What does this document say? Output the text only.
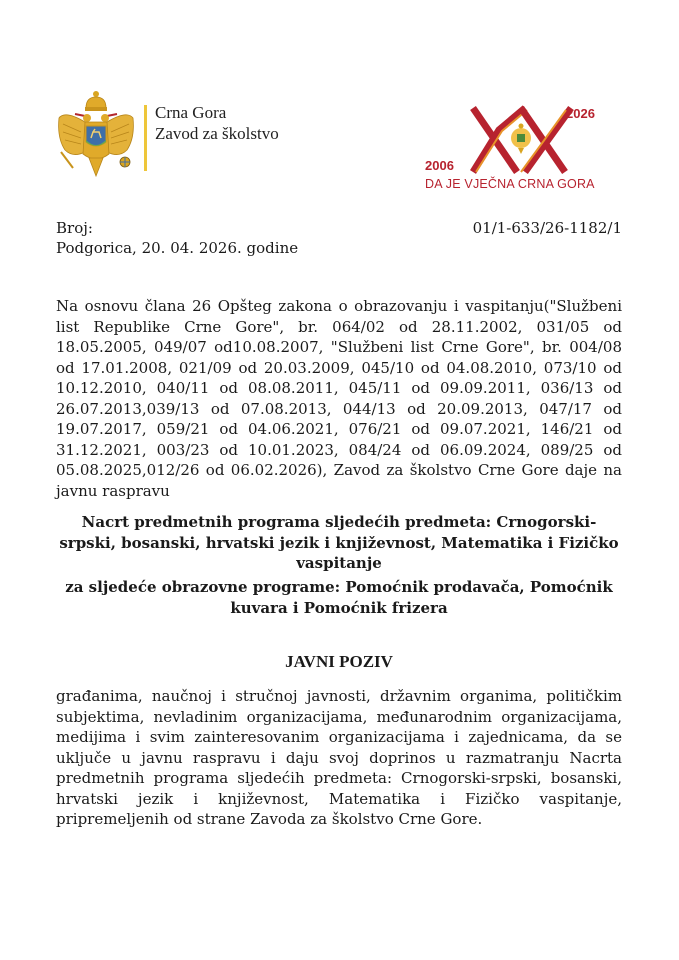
Crna Gora
Zavod za školstvo
2026
2006
DA JE VJEČNA CRNA GORA
Broj:	01/1-633/26-1182/1
Podgorica, 20. 04. 2026. godine
Na osnovu člana 26 Opšteg zakona o obrazovanju i vaspitanju("Službeni list Republike Crne Gore", br. 064/02 od 28.11.2002, 031/05 od 18.05.2005, 049/07 od10.08.2007, "Službeni list Crne Gore", br. 004/08 od 17.01.2008, 021/09 od 20.03.2009, 045/10 od 04.08.2010, 073/10 od 10.12.2010, 040/11 od 08.08.2011, 045/11 od 09.09.2011, 036/13 od 26.07.2013,039/13 od 07.08.2013, 044/13 od 20.09.2013, 047/17 od 19.07.2017, 059/21 od 04.06.2021, 076/21 od 09.07.2021, 146/21 od 31.12.2021, 003/23 od 10.01.2023, 084/24 od 06.09.2024, 089/25 od 05.08.2025,012/26 od 06.02.2026), Zavod za školstvo Crne Gore daje na javnu raspravu
Nacrt predmetnih programa sljedećih predmeta: Crnogorski-srpski, bosanski, hrvatski jezik i književnost, Matematika i Fizičko vaspitanje
za sljedeće obrazovne programe: Pomoćnik prodavača, Pomoćnik kuvara i Pomoćnik frizera
JAVNI POZIV
građanima, naučnoj i stručnoj javnosti, državnim organima, političkim subjektima, nevladinim organizacijama, međunarodnim organizacijama, medijima i svim zainteresovanim organizacijama i zajednicama, da se uključe u javnu raspravu i daju svoj doprinos u razmatranju Nacrta predmetnih programa sljedećih predmeta: Crnogorski-srpski, bosanski, hrvatski jezik i književnost, Matematika i Fizičko vaspitanje, pripremeljenih od strane Zavoda za školstvo Crne Gore.
